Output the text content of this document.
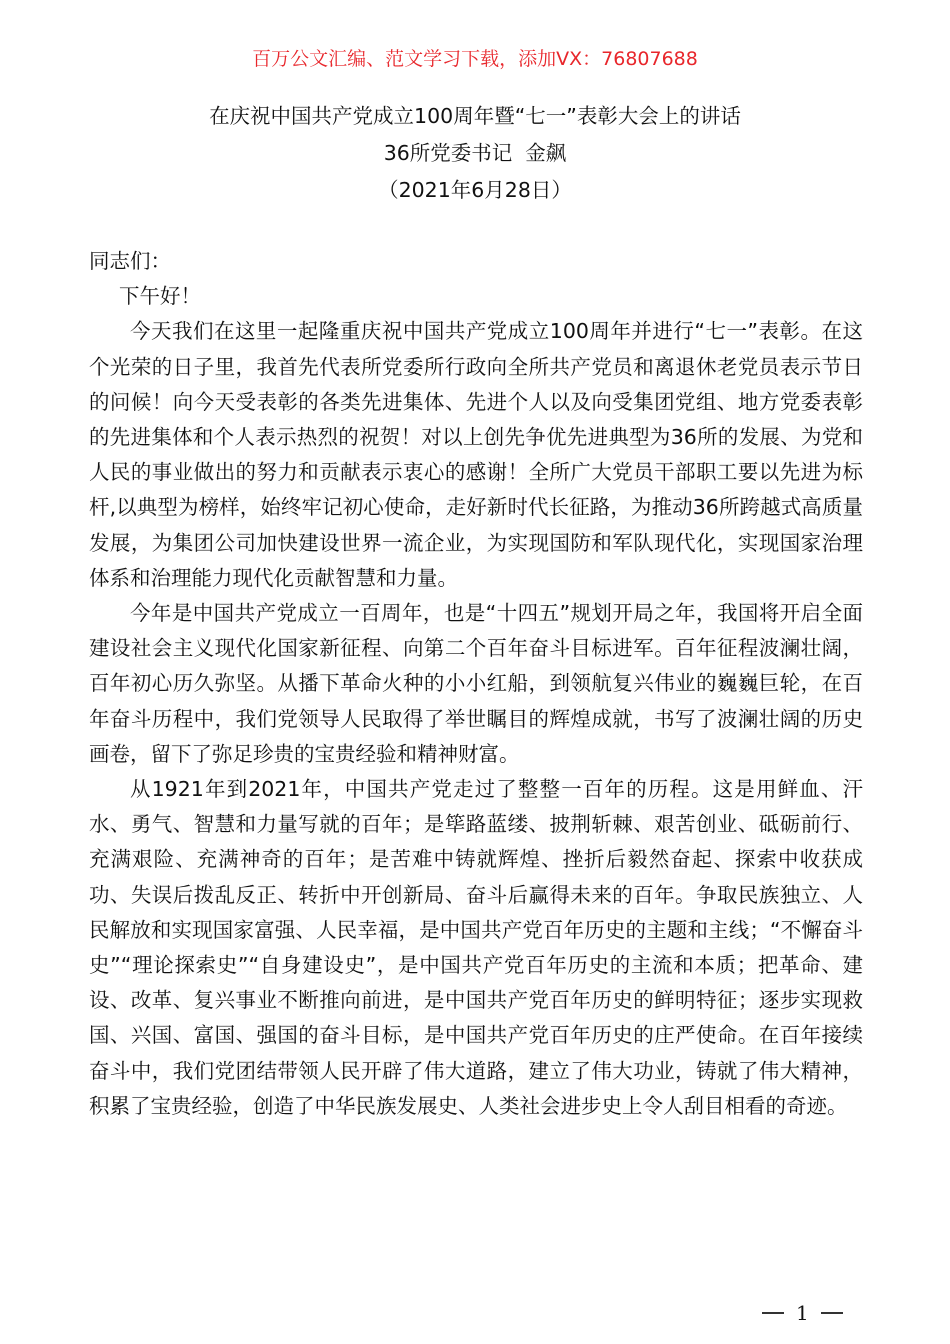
百万公文汇编、范文学习下载，添加VX：76807688
在庆祝中国共产党成立100周年暨“七一”表彰大会上的讲话
36所党委书记  金飙
（2021年6月28日）

同志们：

下午好！

今天我们在这里一起隆重庆祝中国共产党成立100周年并进行“七一”表彰。在这个光荣的日子里，我首先代表所党委所行政向全所共产党员和离退休老党员表示节日的问候！向今天受表彰的各类先进集体、先进个人以及向受集团党组、地方党委表彰的先进集体和个人表示热烈的祝贺！对以上创先争优先进典型为36所的发展、为党和人民的事业做出的努力和贡献表示衷心的感谢！全所广大党员干部职工要以先进为标杆,以典型为榜样，始终牢记初心使命，走好新时代长征路，为推动36所跨越式高质量发展，为集团公司加快建设世界一流企业，为实现国防和军队现代化，实现国家治理体系和治理能力现代化贡献智慧和力量。

今年是中国共产党成立一百周年，也是“十四五”规划开局之年，我国将开启全面建设社会主义现代化国家新征程、向第二个百年奋斗目标进军。百年征程波澜壮阔，百年初心历久弥坚。从播下革命火种的小小红船，到领航复兴伟业的巍巍巨轮，在百年奋斗历程中，我们党领导人民取得了举世瞩目的辉煌成就，书写了波澜壮阔的历史画卷，留下了弥足珍贵的宝贵经验和精神财富。

从1921年到2021年，中国共产党走过了整整一百年的历程。这是用鲜血、汗水、勇气、智慧和力量写就的百年；是筚路蓝缕、披荆斩棘、艰苦创业、砥砺前行、充满艰险、充满神奇的百年；是苦难中铸就辉煌、挫折后毅然奋起、探索中收获成功、失误后拨乱反正、转折中开创新局、奋斗后赢得未来的百年。争取民族独立、人民解放和实现国家富强、人民幸福，是中国共产党百年历史的主题和主线；“不懈奋斗史”“理论探索史”“自身建设史”，是中国共产党百年历史的主流和本质；把革命、建设、改革、复兴事业不断推向前进，是中国共产党百年历史的鲜明特征；逐步实现救国、兴国、富国、强国的奋斗目标，是中国共产党百年历史的庄严使命。在百年接续奋斗中，我们党团结带领人民开辟了伟大道路，建立了伟大功业，铸就了伟大精神，积累了宝贵经验，创造了中华民族发展史、人类社会进步史上令人刮目相看的奇迹。

1
